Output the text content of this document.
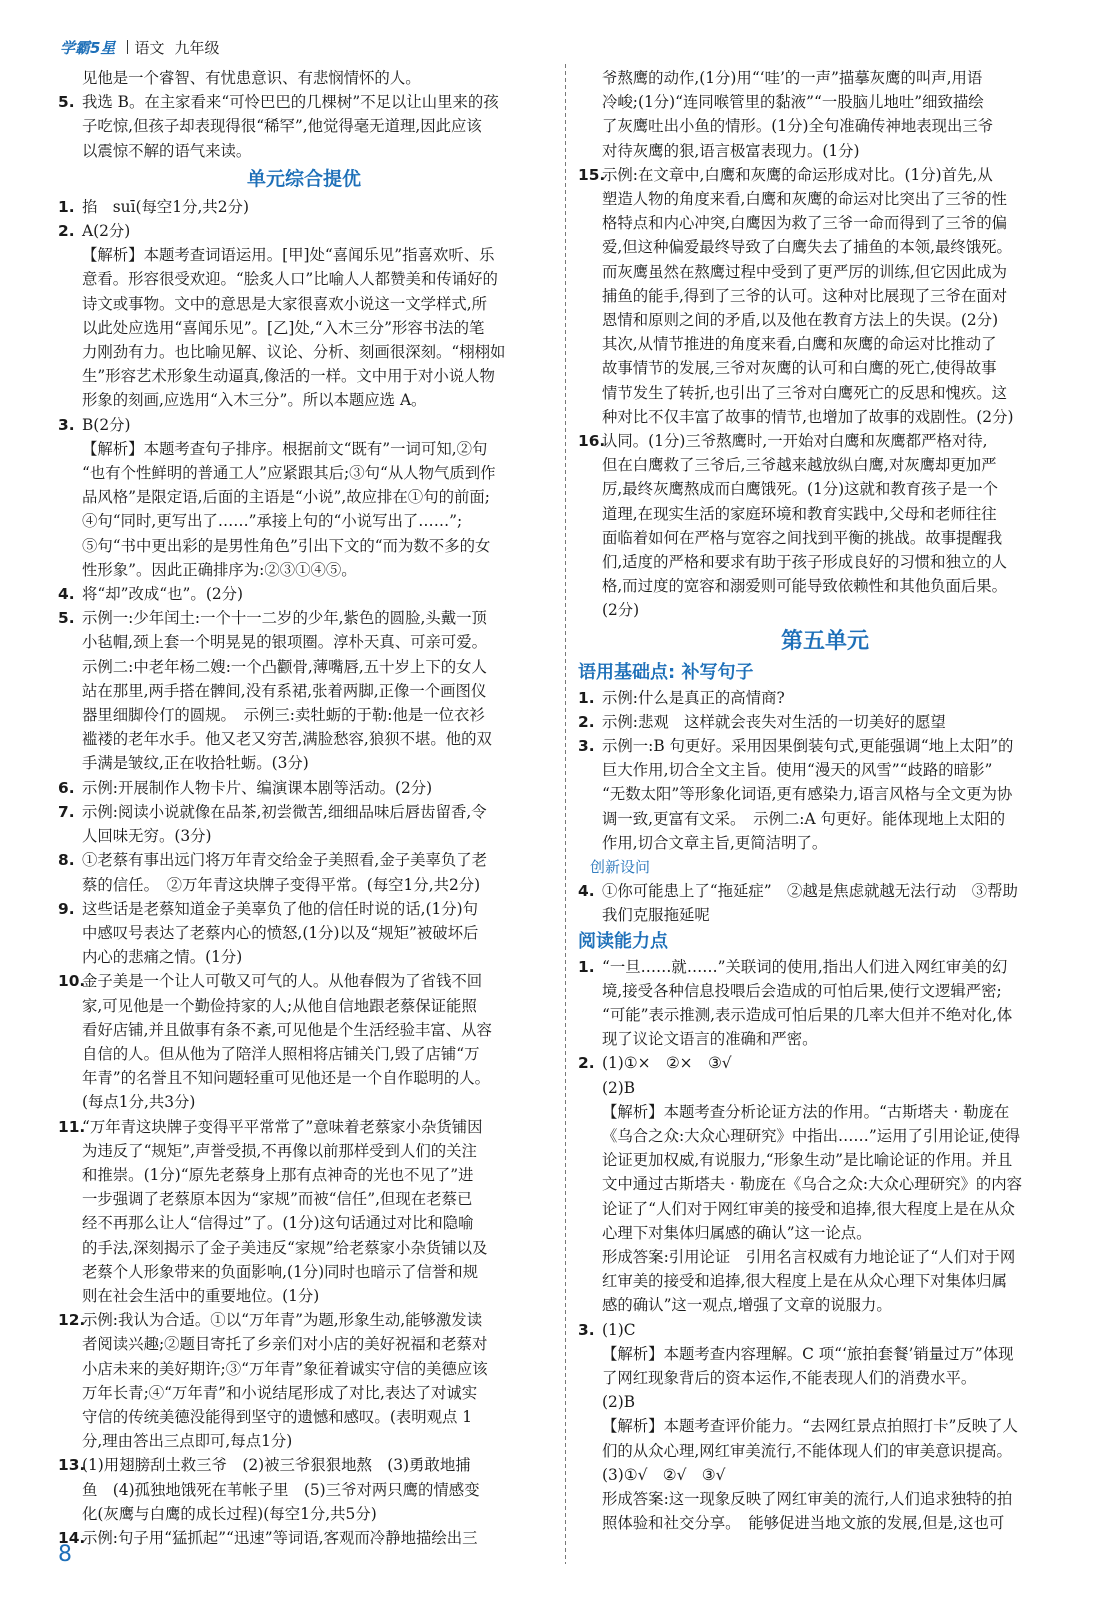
学霸5星 语文 九年级
见他是一个睿智、有忧患意识、有悲悯情怀的人。
5. 我选 B。在主家看来“可怜巴巴的几棵树”不足以让山里来的孩
子吃惊,但孩子却表现得很“稀罕”,他觉得毫无道理,因此应该
以震惊不解的语气来读。
单元综合提优
1. 掐　suī(每空1分,共2分)
2. A(2分)
【解析】本题考查词语运用。[甲]处“喜闻乐见”指喜欢听、乐
意看。形容很受欢迎。“脍炙人口”比喻人人都赞美和传诵好的
诗文或事物。文中的意思是大家很喜欢小说这一文学样式,所
以此处应选用“喜闻乐见”。[乙]处,“入木三分”形容书法的笔
力刚劲有力。也比喻见解、议论、分析、刻画很深刻。“栩栩如
生”形容艺术形象生动逼真,像活的一样。文中用于对小说人物
形象的刻画,应选用“入木三分”。所以本题应选 A。
3. B(2分)
【解析】本题考查句子排序。根据前文“既有”一词可知,②句
“也有个性鲜明的普通工人”应紧跟其后;③句“从人物气质到作
品风格”是限定语,后面的主语是“小说”,故应排在①句的前面;
④句“同时,更写出了……”承接上句的“小说写出了……”;
⑤句“书中更出彩的是男性角色”引出下文的“而为数不多的女
性形象”。因此正确排序为:②③①④⑤。
4. 将“却”改成“也”。(2分)
5. 示例一:少年闰土:一个十一二岁的少年,紫色的圆脸,头戴一顶
小毡帽,颈上套一个明晃晃的银项圈。淳朴天真、可亲可爱。
示例二:中老年杨二嫂:一个凸颧骨,薄嘴唇,五十岁上下的女人
站在那里,两手搭在髀间,没有系裙,张着两脚,正像一个画图仪
器里细脚伶仃的圆规。　示例三:卖牡蛎的于勒:他是一位衣衫
褴褛的老年水手。他又老又穷苦,满脸愁容,狼狈不堪。他的双
手满是皱纹,正在收拾牡蛎。(3分)
6. 示例:开展制作人物卡片、编演课本剧等活动。(2分)
7. 示例:阅读小说就像在品茶,初尝微苦,细细品味后唇齿留香,令
人回味无穷。(3分)
8. ①老蔡有事出远门将万年青交给金子美照看,金子美辜负了老
蔡的信任。　②万年青这块牌子变得平常。(每空1分,共2分)
9. 这些话是老蔡知道金子美辜负了他的信任时说的话,(1分)句
中感叹号表达了老蔡内心的愤怒,(1分)以及“规矩”被破坏后
内心的悲痛之情。(1分)
10.
金子美是一个让人可敬又可气的人。从他春假为了省钱不回
家,可见他是一个勤俭持家的人;从他自信地跟老蔡保证能照
看好店铺,并且做事有条不紊,可见他是个生活经验丰富、从容
自信的人。但从他为了陪洋人照相将店铺关门,毁了店铺“万
年青”的名誉且不知问题轻重可见他还是一个自作聪明的人。
(每点1分,共3分)
11.
“万年青这块牌子变得平平常常了”意味着老蔡家小杂货铺因
为违反了“规矩”,声誉受损,不再像以前那样受到人们的关注
和推崇。(1分)“原先老蔡身上那有点神奇的光也不见了”进
一步强调了老蔡原本因为“家规”而被“信任”,但现在老蔡已
经不再那么让人“信得过”了。(1分)这句话通过对比和隐喻
的手法,深刻揭示了金子美违反“家规”给老蔡家小杂货铺以及
老蔡个人形象带来的负面影响,(1分)同时也暗示了信誉和规
则在社会生活中的重要地位。(1分)
12.
示例:我认为合适。①以“万年青”为题,形象生动,能够激发读
者阅读兴趣;②题目寄托了乡亲们对小店的美好祝福和老蔡对
小店未来的美好期许;③“万年青”象征着诚实守信的美德应该
万年长青;④“万年青”和小说结尾形成了对比,表达了对诚实
守信的传统美德没能得到坚守的遗憾和感叹。(表明观点 1
分,理由答出三点即可,每点1分)
13.
(1)用翅膀刮土救三爷　(2)被三爷狠狠地熬　(3)勇敢地捕
鱼　(4)孤独地饿死在苇帐子里　(5)三爷对两只鹰的情感变
化(灰鹰与白鹰的成长过程)(每空1分,共5分)
14.
示例:句子用“猛抓起”“迅速”等词语,客观而冷静地描绘出三
爷熬鹰的动作,(1分)用“‘哇’的一声”描摹灰鹰的叫声,用语
冷峻;(1分)“连同喉管里的黏液”“一股脑儿地吐”细致描绘
了灰鹰吐出小鱼的情形。(1分)全句准确传神地表现出三爷
对待灰鹰的狠,语言极富表现力。(1分)
15.
示例:在文章中,白鹰和灰鹰的命运形成对比。(1分)首先,从
塑造人物的角度来看,白鹰和灰鹰的命运对比突出了三爷的性
格特点和内心冲突,白鹰因为救了三爷一命而得到了三爷的偏
爱,但这种偏爱最终导致了白鹰失去了捕鱼的本领,最终饿死。
而灰鹰虽然在熬鹰过程中受到了更严厉的训练,但它因此成为
捕鱼的能手,得到了三爷的认可。这种对比展现了三爷在面对
恩情和原则之间的矛盾,以及他在教育方法上的失误。(2分)
其次,从情节推进的角度来看,白鹰和灰鹰的命运对比推动了
故事情节的发展,三爷对灰鹰的认可和白鹰的死亡,使得故事
情节发生了转折,也引出了三爷对白鹰死亡的反思和愧疚。这
种对比不仅丰富了故事的情节,也增加了故事的戏剧性。(2分)
16.
认同。(1分)三爷熬鹰时,一开始对白鹰和灰鹰都严格对待,
但在白鹰救了三爷后,三爷越来越放纵白鹰,对灰鹰却更加严
厉,最终灰鹰熬成而白鹰饿死。(1分)这就和教育孩子是一个
道理,在现实生活的家庭环境和教育实践中,父母和老师往往
面临着如何在严格与宽容之间找到平衡的挑战。故事提醒我
们,适度的严格和要求有助于孩子形成良好的习惯和独立的人
格,而过度的宽容和溺爱则可能导致依赖性和其他负面后果。
(2分)
第五单元
语用基础点: 补写句子
1. 示例:什么是真正的高情商?
2. 示例:悲观　这样就会丧失对生活的一切美好的愿望
3. 示例一:B 句更好。采用因果倒装句式,更能强调“地上太阳”的
巨大作用,切合全文主旨。使用“漫天的风雪”“歧路的暗影”
“无数太阳”等形象化词语,更有感染力,语言风格与全文更为协
调一致,更富有文采。　示例二:A 句更好。能体现地上太阳的
作用,切合文章主旨,更简洁明了。
创新设问
4. ①你可能患上了“拖延症”　②越是焦虑就越无法行动　③帮助
我们克服拖延呢
阅读能力点
1. “一旦……就……”关联词的使用,指出人们进入网红审美的幻
境,接受各种信息投喂后会造成的可怕后果,使行文逻辑严密;
“可能”表示推测,表示造成可怕后果的几率大但并不绝对化,体
现了议论文语言的准确和严密。
2. (1)①×　②×　③√
(2)B
【解析】本题考查分析论证方法的作用。“古斯塔夫 · 勒庞在
《乌合之众:大众心理研究》中指出……”运用了引用论证,使得
论证更加权威,有说服力,“形象生动”是比喻论证的作用。并且
文中通过古斯塔夫 · 勒庞在《乌合之众:大众心理研究》的内容
论证了“人们对于网红审美的接受和追捧,很大程度上是在从众
心理下对集体归属感的确认”这一论点。
形成答案:引用论证　引用名言权威有力地论证了“人们对于网
红审美的接受和追捧,很大程度上是在从众心理下对集体归属
感的确认”这一观点,增强了文章的说服力。
3. (1)C
【解析】本题考查内容理解。C 项“‘旅拍套餐’销量过万”体现
了网红现象背后的资本运作,不能表现人们的消费水平。
(2)B
【解析】本题考查评价能力。“去网红景点拍照打卡”反映了人
们的从众心理,网红审美流行,不能体现人们的审美意识提高。
(3)①√　②√　③√
形成答案:这一现象反映了网红审美的流行,人们追求独特的拍
照体验和社交分享。　能够促进当地文旅的发展,但是,这也可
8
